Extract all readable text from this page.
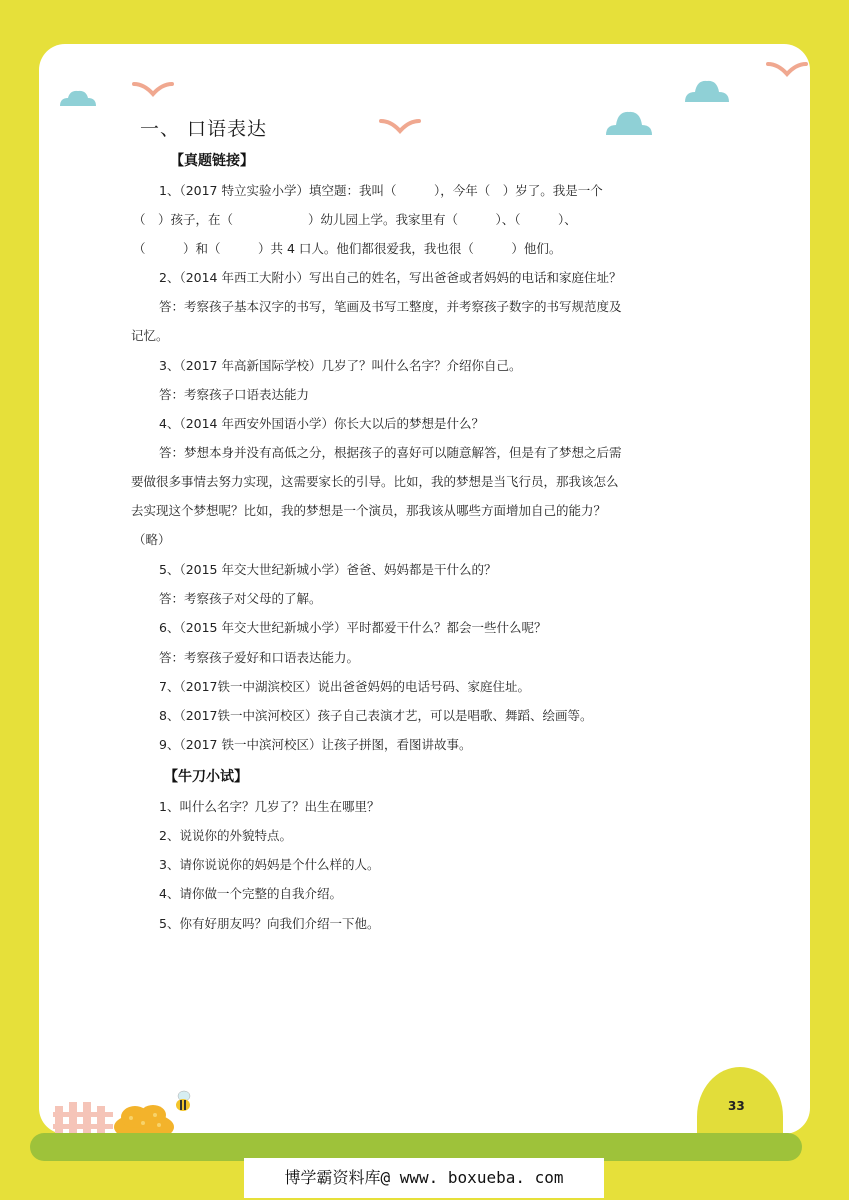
一、 口语表达
【真题链接】
1、（2017 特立实验小学）填空题：我叫（　　　），今年（　）岁了。我是一个
（　）孩子，在（　　　　　　）幼儿园上学。我家里有（　　　）、（　　　）、
（　　　）和（　　　）共 4 口人。他们都很爱我，我也很（　　　）他们。
2、（2014 年西工大附小）写出自己的姓名，写出爸爸或者妈妈的电话和家庭住址？
答：考察孩子基本汉字的书写，笔画及书写工整度，并考察孩子数字的书写规范度及
记忆。
3、（2017 年高新国际学校）几岁了？叫什么名字？介绍你自己。
答：考察孩子口语表达能力
4、（2014 年西安外国语小学）你长大以后的梦想是什么？
答：梦想本身并没有高低之分，根据孩子的喜好可以随意解答，但是有了梦想之后需
要做很多事情去努力实现，这需要家长的引导。比如，我的梦想是当飞行员，那我该怎么
去实现这个梦想呢？比如，我的梦想是一个演员，那我该从哪些方面增加自己的能力？
（略）
5、（2015 年交大世纪新城小学）爸爸、妈妈都是干什么的？
答：考察孩子对父母的了解。
6、（2015 年交大世纪新城小学）平时都爱干什么？都会一些什么呢？
答：考察孩子爱好和口语表达能力。
7、（2017铁一中湖滨校区）说出爸爸妈妈的电话号码、家庭住址。
8、（2017铁一中滨河校区）孩子自己表演才艺，可以是唱歌、舞蹈、绘画等。
9、（2017 铁一中滨河校区）让孩子拼图，看图讲故事。
【牛刀小试】
1、叫什么名字？几岁了？出生在哪里？
2、说说你的外貌特点。
3、请你说说你的妈妈是个什么样的人。
4、请你做一个完整的自我介绍。
5、你有好朋友吗？向我们介绍一下他。
33
博学霸资料库@ www. boxueba. com
